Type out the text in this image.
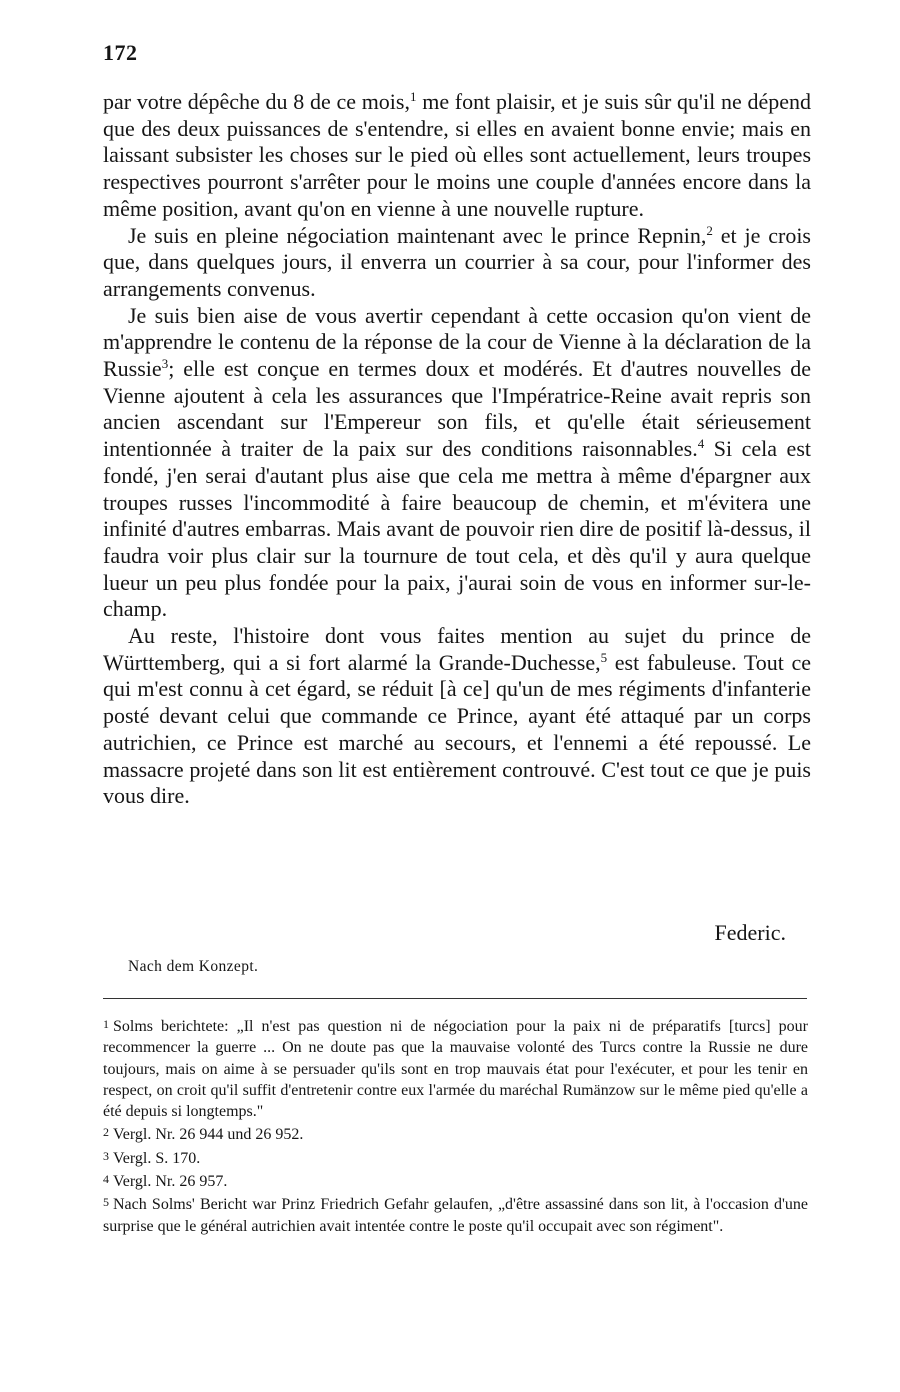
172

par votre dépêche du 8 de ce mois,$^1$ me font plaisir, et je suis sûr qu'il ne dépend que des deux puissances de s'entendre, si elles en avaient bonne envie; mais en laissant subsister les choses sur le pied où elles sont actuellement, leurs troupes respectives pourront s'arrêter pour le moins une couple d'années encore dans la même position, avant qu'on en vienne à une nouvelle rupture.

Je suis en pleine négociation maintenant avec le prince Repnin,$^2$ et je crois que, dans quelques jours, il enverra un courrier à sa cour, pour l'informer des arrangements convenus.

Je suis bien aise de vous avertir cependant à cette occasion qu'on vient de m'apprendre le contenu de la réponse de la cour de Vienne à la déclaration de la Russie$^3$; elle est conçue en termes doux et modérés. Et d'autres nouvelles de Vienne ajoutent à cela les assurances que l'Impératrice-Reine avait repris son ancien ascendant sur l'Empereur son fils, et qu'elle était sérieusement intentionnée à traiter de la paix sur des conditions raisonnables.$^4$ Si cela est fondé, j'en serai d'autant plus aise que cela me mettra à même d'épargner aux troupes russes l'incommodité à faire beaucoup de chemin, et m'évitera une infinité d'autres embarras. Mais avant de pouvoir rien dire de positif là-dessus, il faudra voir plus clair sur la tournure de tout cela, et dès qu'il y aura quelque lueur un peu plus fondée pour la paix, j'aurai soin de vous en informer sur-le-champ.

Au reste, l'histoire dont vous faites mention au sujet du prince de Württemberg, qui a si fort alarmé la Grande-Duchesse,$^5$ est fabuleuse. Tout ce qui m'est connu à cet égard, se réduit [à ce] qu'un de mes régiments d'infanterie posté devant celui que commande ce Prince, ayant été attaqué par un corps autrichien, ce Prince est marché au secours, et l'ennemi a été repoussé. Le massacre projeté dans son lit est entièrement controuvé. C'est tout ce que je puis vous dire.

Federic.
Nach dem Konzept.

1 Solms berichtete: „Il n'est pas question ni de négociation pour la paix ni de préparatifs [turcs] pour recommencer la guerre ... On ne doute pas que la mauvaise volonté des Turcs contre la Russie ne dure toujours, mais on aime à se persuader qu'ils sont en trop mauvais état pour l'exécuter, et pour les tenir en respect, on croit qu'il suffit d'entretenir contre eux l'armée du maréchal Rumänzow sur le même pied qu'elle a été depuis si longtemps."

2 Vergl. Nr. 26 944 und 26 952.

3 Vergl. S. 170.

4 Vergl. Nr. 26 957.

5 Nach Solms' Bericht war Prinz Friedrich Gefahr gelaufen, „d'être assassiné dans son lit, à l'occasion d'une surprise que le général autrichien avait intentée contre le poste qu'il occupait avec son régiment".
